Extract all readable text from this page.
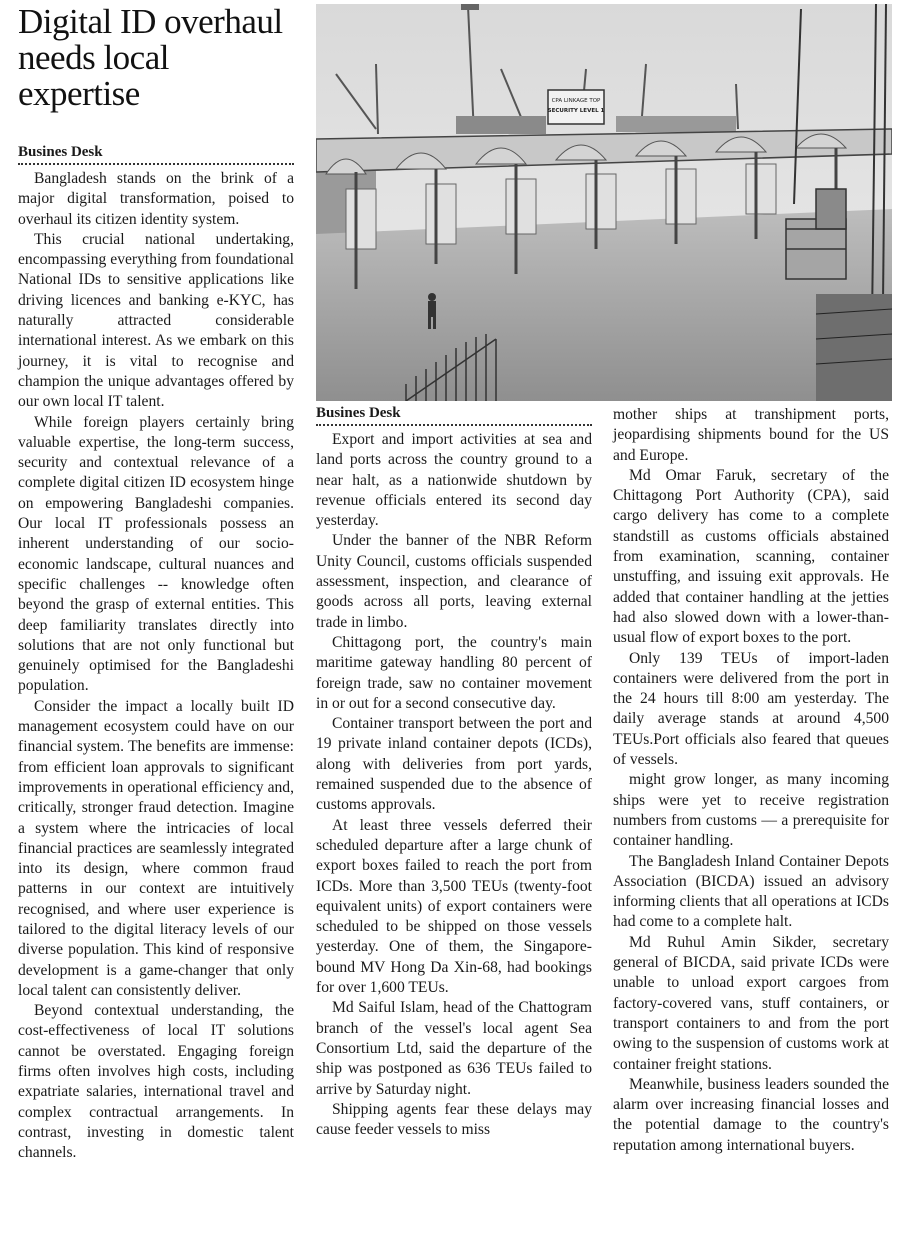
Digital ID overhaul
needs local expertise
Busines Desk

Bangladesh stands on the brink of a major digital transformation, poised to overhaul its citizen identity system.

This crucial national undertaking, encompassing everything from foundational National IDs to sensitive applications like driving licences and banking e-KYC, has naturally attracted considerable international interest. As we embark on this journey, it is vital to recognise and champion the unique advantages offered by our own local IT talent.

While foreign players certainly bring valuable expertise, the long-term success, security and contextual relevance of a complete digital citizen ID ecosystem hinge on empowering Bangladeshi companies. Our local IT professionals possess an inherent understanding of our socio-economic landscape, cultural nuances and specific challenges -- knowledge often beyond the grasp of external entities. This deep familiarity translates directly into solutions that are not only functional but genuinely optimised for the Bangladeshi population.

Consider the impact a locally built ID management ecosystem could have on our financial system. The benefits are immense: from efficient loan approvals to significant improvements in operational efficiency and, critically, stronger fraud detection. Imagine a system where the intricacies of local financial practices are seamlessly integrated into its design, where common fraud patterns in our context are intuitively recognised, and where user experience is tailored to the digital literacy levels of our diverse population. This kind of responsive development is a game-changer that only local talent can consistently deliver.

Beyond contextual understanding, the cost-effectiveness of local IT solutions cannot be overstated. Engaging foreign firms often involves high costs, including expatriate salaries, international travel and complex contractual arrangements. In contrast, investing in domestic talent channels.

CPA LINKAGE TOP
SECURITY LEVEL 1
Busines Desk

Export and import activities at sea and land ports across the country ground to a near halt, as a nationwide shutdown by revenue officials entered its second day yesterday.

Under the banner of the NBR Reform Unity Council, customs officials suspended assessment, inspection, and clearance of goods across all ports, leaving external trade in limbo.

Chittagong port, the country's main maritime gateway handling 80 percent of foreign trade, saw no container movement in or out for a second consecutive day.

Container transport between the port and 19 private inland container depots (ICDs), along with deliveries from port yards, remained suspended due to the absence of customs approvals.

At least three vessels deferred their scheduled departure after a large chunk of export boxes failed to reach the port from ICDs. More than 3,500 TEUs (twenty-foot equivalent units) of export containers were scheduled to be shipped on those vessels yesterday. One of them, the Singapore-bound MV Hong Da Xin-68, had bookings for over 1,600 TEUs.

Md Saiful Islam, head of the Chattogram branch of the vessel's local agent Sea Consortium Ltd, said the departure of the ship was postponed as 636 TEUs failed to arrive by Saturday night.

Shipping agents fear these delays may cause feeder vessels to miss

mother ships at transhipment ports, jeopardising shipments bound for the US and Europe.

Md Omar Faruk, secretary of the Chittagong Port Authority (CPA), said cargo delivery has come to a complete standstill as customs officials abstained from examination, scanning, container unstuffing, and issuing exit approvals. He added that container handling at the jetties had also slowed down with a lower-than-usual flow of export boxes to the port.

Only 139 TEUs of import-laden containers were delivered from the port in the 24 hours till 8:00 am yesterday. The daily average stands at around 4,500 TEUs.Port officials also feared that queues of vessels.

might grow longer, as many incoming ships were yet to receive registration numbers from customs — a prerequisite for container handling.

The Bangladesh Inland Container Depots Association (BICDA) issued an advisory informing clients that all operations at ICDs had come to a complete halt.

Md Ruhul Amin Sikder, secretary general of BICDA, said private ICDs were unable to unload export cargoes from factory-covered vans, stuff containers, or transport containers to and from the port owing to the suspension of customs work at container freight stations.

Meanwhile, business leaders sounded the alarm over increasing financial losses and the potential damage to the country's reputation among international buyers.
